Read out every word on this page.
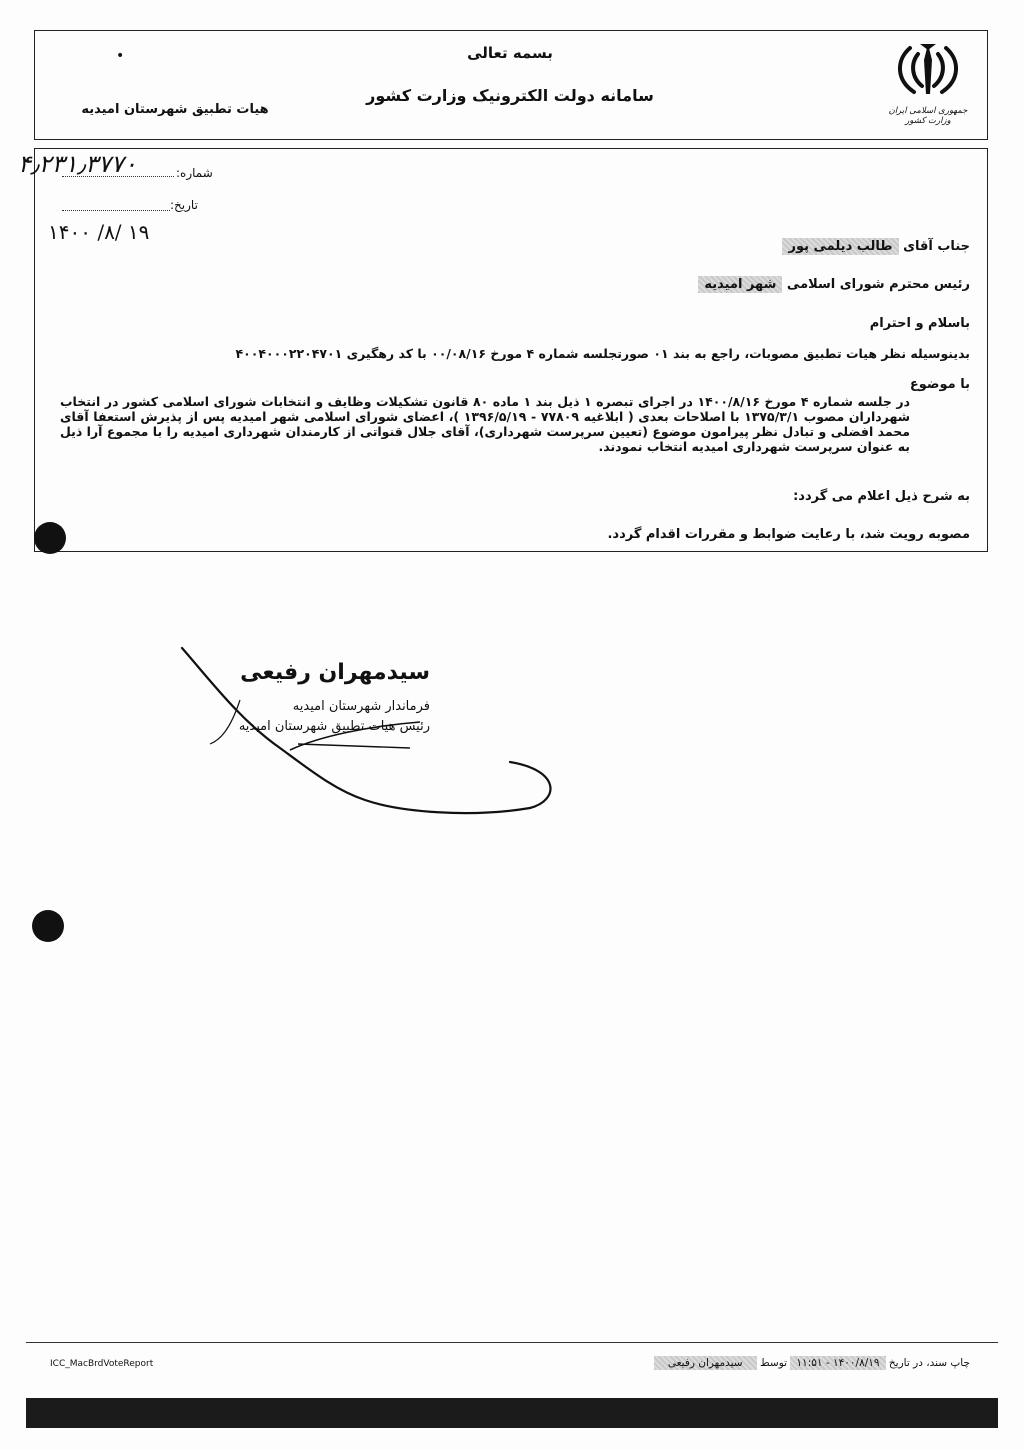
جمهوری اسلامی ایران
وزارت کشور
بسمه تعالی
سامانه دولت الکترونیک وزارت کشور
هیات تطبیق شهرستان امیدیه
•
شماره:
۴٫۲۳۱٫۳۷۷۰
تاریخ:
۱۴۰۰ /۸/ ۱۹
جناب آقای طالب دیلمی پور
رئیس محترم شورای اسلامی شهر امیدیه
باسلام و احترام
بدینوسیله نظر هیات تطبیق مصوبات، راجع به بند ۰۱ صورتجلسه شماره ۴ مورخ ۰۰/۰۸/۱۶ با کد رهگیری ۴۰۰۴۰۰۰۲۲۰۴۷۰۱
با موضوع
در جلسه شماره ۴ مورخ ۱۴۰۰/۸/۱۶ در اجرای تبصره ۱ ذیل بند ۱ ماده ۸۰ قانون تشکیلات وظایف و انتخابات شورای اسلامی کشور در انتخاب شهرداران مصوب ۱۳۷۵/۳/۱ با اصلاحات بعدی ( ابلاغیه ۷۷۸۰۹ - ۱۳۹۶/۵/۱۹ )، اعضای شورای اسلامی شهر امیدیه پس از پذیرش استعفا آقای محمد افضلی و تبادل نظر پیرامون موضوع (تعیین سرپرست شهرداری)، آقای جلال قنواتی از کارمندان شهرداری امیدیه را با مجموع آرا ذیل به عنوان سرپرست شهرداری امیدیه انتخاب نمودند.
به شرح ذیل اعلام می گردد:
مصوبه رویت شد، با رعایت ضوابط و مقررات اقدام گردد.
سیدمهران رفیعی
فرماندار شهرستان امیدیه
رئیس هیات تطبیق شهرستان امیدیه
ICC_MacBrdVoteReport	چاپ سند، در تاریخ ۱۴۰۰/۸/۱۹ - ۱۱:۵۱ توسط سیدمهران رفیعی
